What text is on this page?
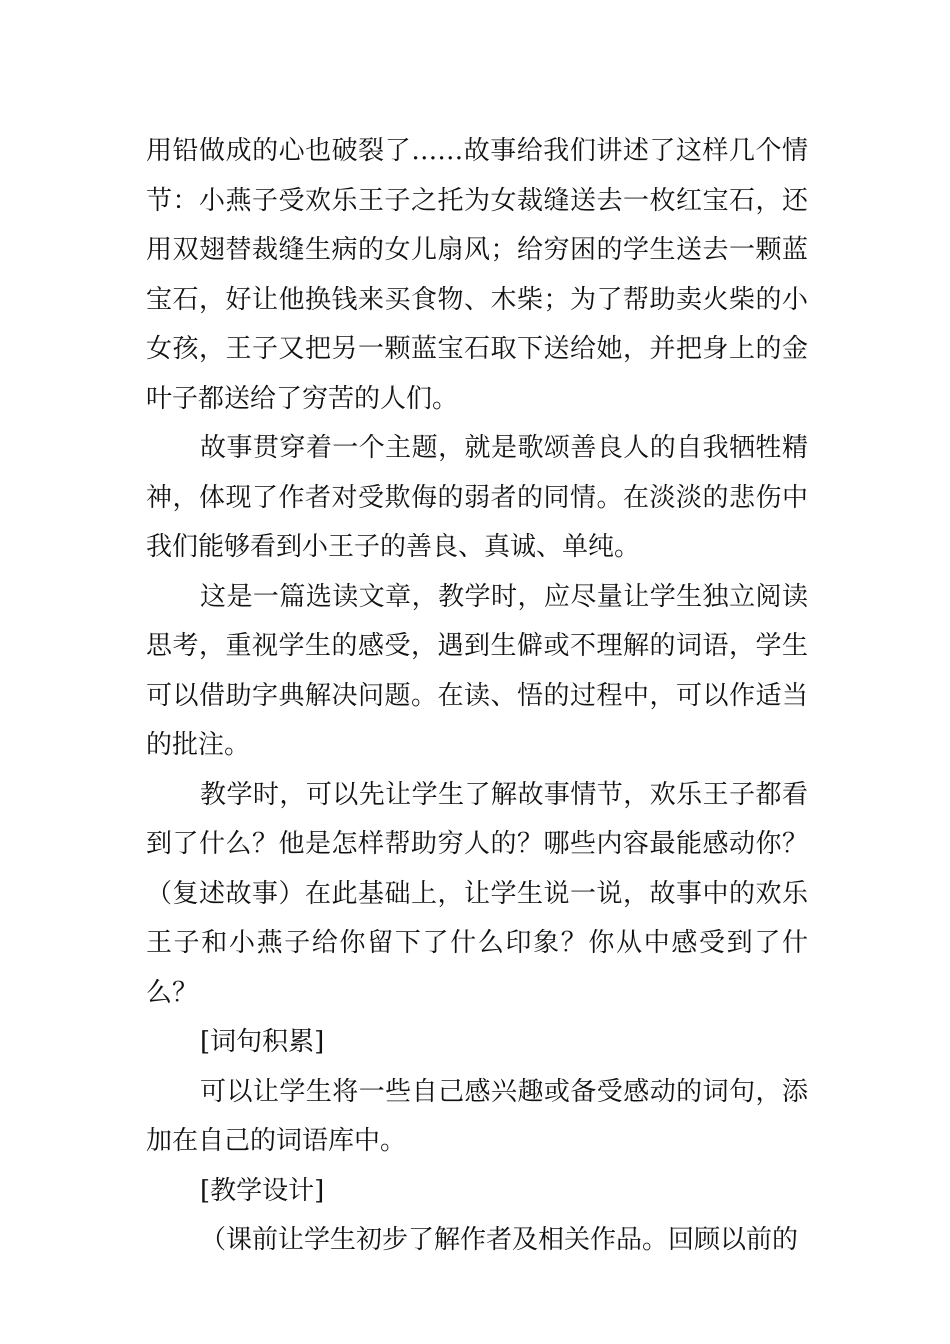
用铅做成的心也破裂了……故事给我们讲述了这样几个情节：小燕子受欢乐王子之托为女裁缝送去一枚红宝石，还用双翅替裁缝生病的女儿扇风；给穷困的学生送去一颗蓝宝石，好让他换钱来买食物、木柴；为了帮助卖火柴的小女孩，王子又把另一颗蓝宝石取下送给她，并把身上的金叶子都送给了穷苦的人们。

故事贯穿着一个主题，就是歌颂善良人的自我牺牲精神，体现了作者对受欺侮的弱者的同情。在淡淡的悲伤中我们能够看到小王子的善良、真诚、单纯。

这是一篇选读文章，教学时，应尽量让学生独立阅读思考，重视学生的感受，遇到生僻或不理解的词语，学生可以借助字典解决问题。在读、悟的过程中，可以作适当的批注。

教学时，可以先让学生了解故事情节，欢乐王子都看到了什么？他是怎样帮助穷人的？哪些内容最能感动你？（复述故事）在此基础上，让学生说一说，故事中的欢乐王子和小燕子给你留下了什么印象？你从中感受到了什么？

[词句积累]

可以让学生将一些自己感兴趣或备受感动的词句，添加在自己的词语库中。

[教学设计]

（课前让学生初步了解作者及相关作品。回顾以前的
